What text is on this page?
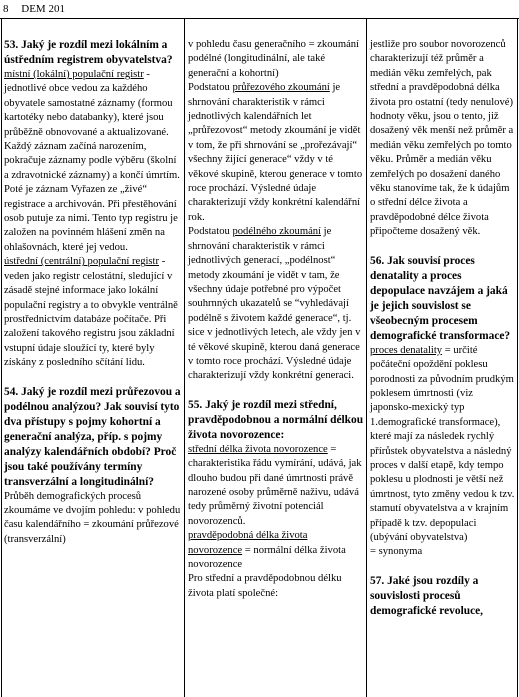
8 DEM 201

53. Jaký je rozdíl mezi lokálním a ústředním registrem obyvatelstva?

místní (lokální) populační registr - jednotlivé obce vedou za každého obyvatele samostatné záznamy (formou kartotéky nebo databanky), které jsou průběžně obnovované a aktualizované. Každý záznam začíná narozením, pokračuje záznamy podle výběru (školní a zdravotnické záznamy) a končí úmrtím. Poté je záznam Vyřazen ze „živé“ registrace a archivován. Při přestěhování osob putuje za nimi. Tento typ registru je založen na povinném hlášení změn na ohlašovnách, které jej vedou.

ústřední (centrální) populační registr - veden jako registr celostátní, sledující v zásadě stejné informace jako lokální populační registry a to obvykle ventrálně prostřednictvím databáze počítače. Při založení takového registru jsou základní vstupní údaje sloužící ty, které byly získány z posledního sčítání lidu.

54. Jaký je rozdíl mezi průřezovou a podélnou analýzou? Jak souvisí tyto dva přístupy s pojmy kohortní a generační analýza, příp. s pojmy analýzy kalendářních období? Proč jsou také používány termíny transverzální a longitudinální?

Průběh demografických procesů zkoumáme ve dvojím pohledu: v pohledu času kalendářního = zkoumání průřezové (transverzální)

v pohledu času generačního = zkoumání podélné (longitudinální, ale také generační a kohortní)

Podstatou průřezového zkoumání je shrnování charakteristik v rámci jednotlivých kalendářních let „průřezovost“ metody zkoumání je vidět v tom, že při shrnování se „prořezávají“ všechny žijící generace“ vždy v té věkové skupině, kterou generace v tomto roce prochází. Výsledné údaje charakterizují vždy konkrétní kalendářní rok.

Podstatou podélného zkoumání je shrnování charakteristik v rámci jednotlivých generací, „podélnost“ metody zkoumání je vidět v tam, že všechny údaje potřebné pro výpočet souhrnných ukazatelů se “vyhledávají podélně s životem každé generace“, tj. sice v jednotlivých letech, ale vždy jen v té věkové skupině, kterou daná generace v tomto roce prochází. Výsledné údaje charakterizují vždy konkrétní generaci.

55. Jaký je rozdíl mezi střední, pravděpodobnou a normální délkou života novorozence:

střední délka života novorozence = charakteristika řádu vymírání, udává, jak dlouho budou při dané úmrtnosti právě narozené osoby průměrně naživu, udává tedy průměrný životní potenciál novorozenců.

pravděpodobná délka života novorozence = normální délka života novorozence

Pro střední a pravděpodobnou délku života platí společné:

jestliže pro soubor novorozenců charakterizují též průměr a medián věku zemřelých, pak střední a pravděpodobná délka života pro ostatní (tedy nenulové) hodnoty věku, jsou o tento, již dosažený věk menší než průměr a medián věku zemřelých po tomto věku. Průměr a medián věku zemřelých po dosažení daného věku stanovíme tak, že k údajům o střední délce života a pravděpodobné délce života připočteme dosažený věk.

56. Jak souvisí proces denatality a proces depopulace navzájem a jaká je jejich souvislost se všeobecným procesem demografické transformace?

proces denatality = určité počáteční opoždění poklesu porodnosti za původním prudkým poklesem úmrtnosti (viz japonsko-mexický typ 1.demografické transformace), které mají za následek rychlý přírůstek obyvatelstva a následný proces v další etapě, kdy tempo poklesu u plodnosti je větší než úmrtnost, tyto změny vedou k tzv. stamutí obyvatelstva a v krajním případě k tzv. depopulaci (ubývání obyvatelstva)

= synonyma

57. Jaké jsou rozdíly a souvislosti procesů demografické revoluce,
